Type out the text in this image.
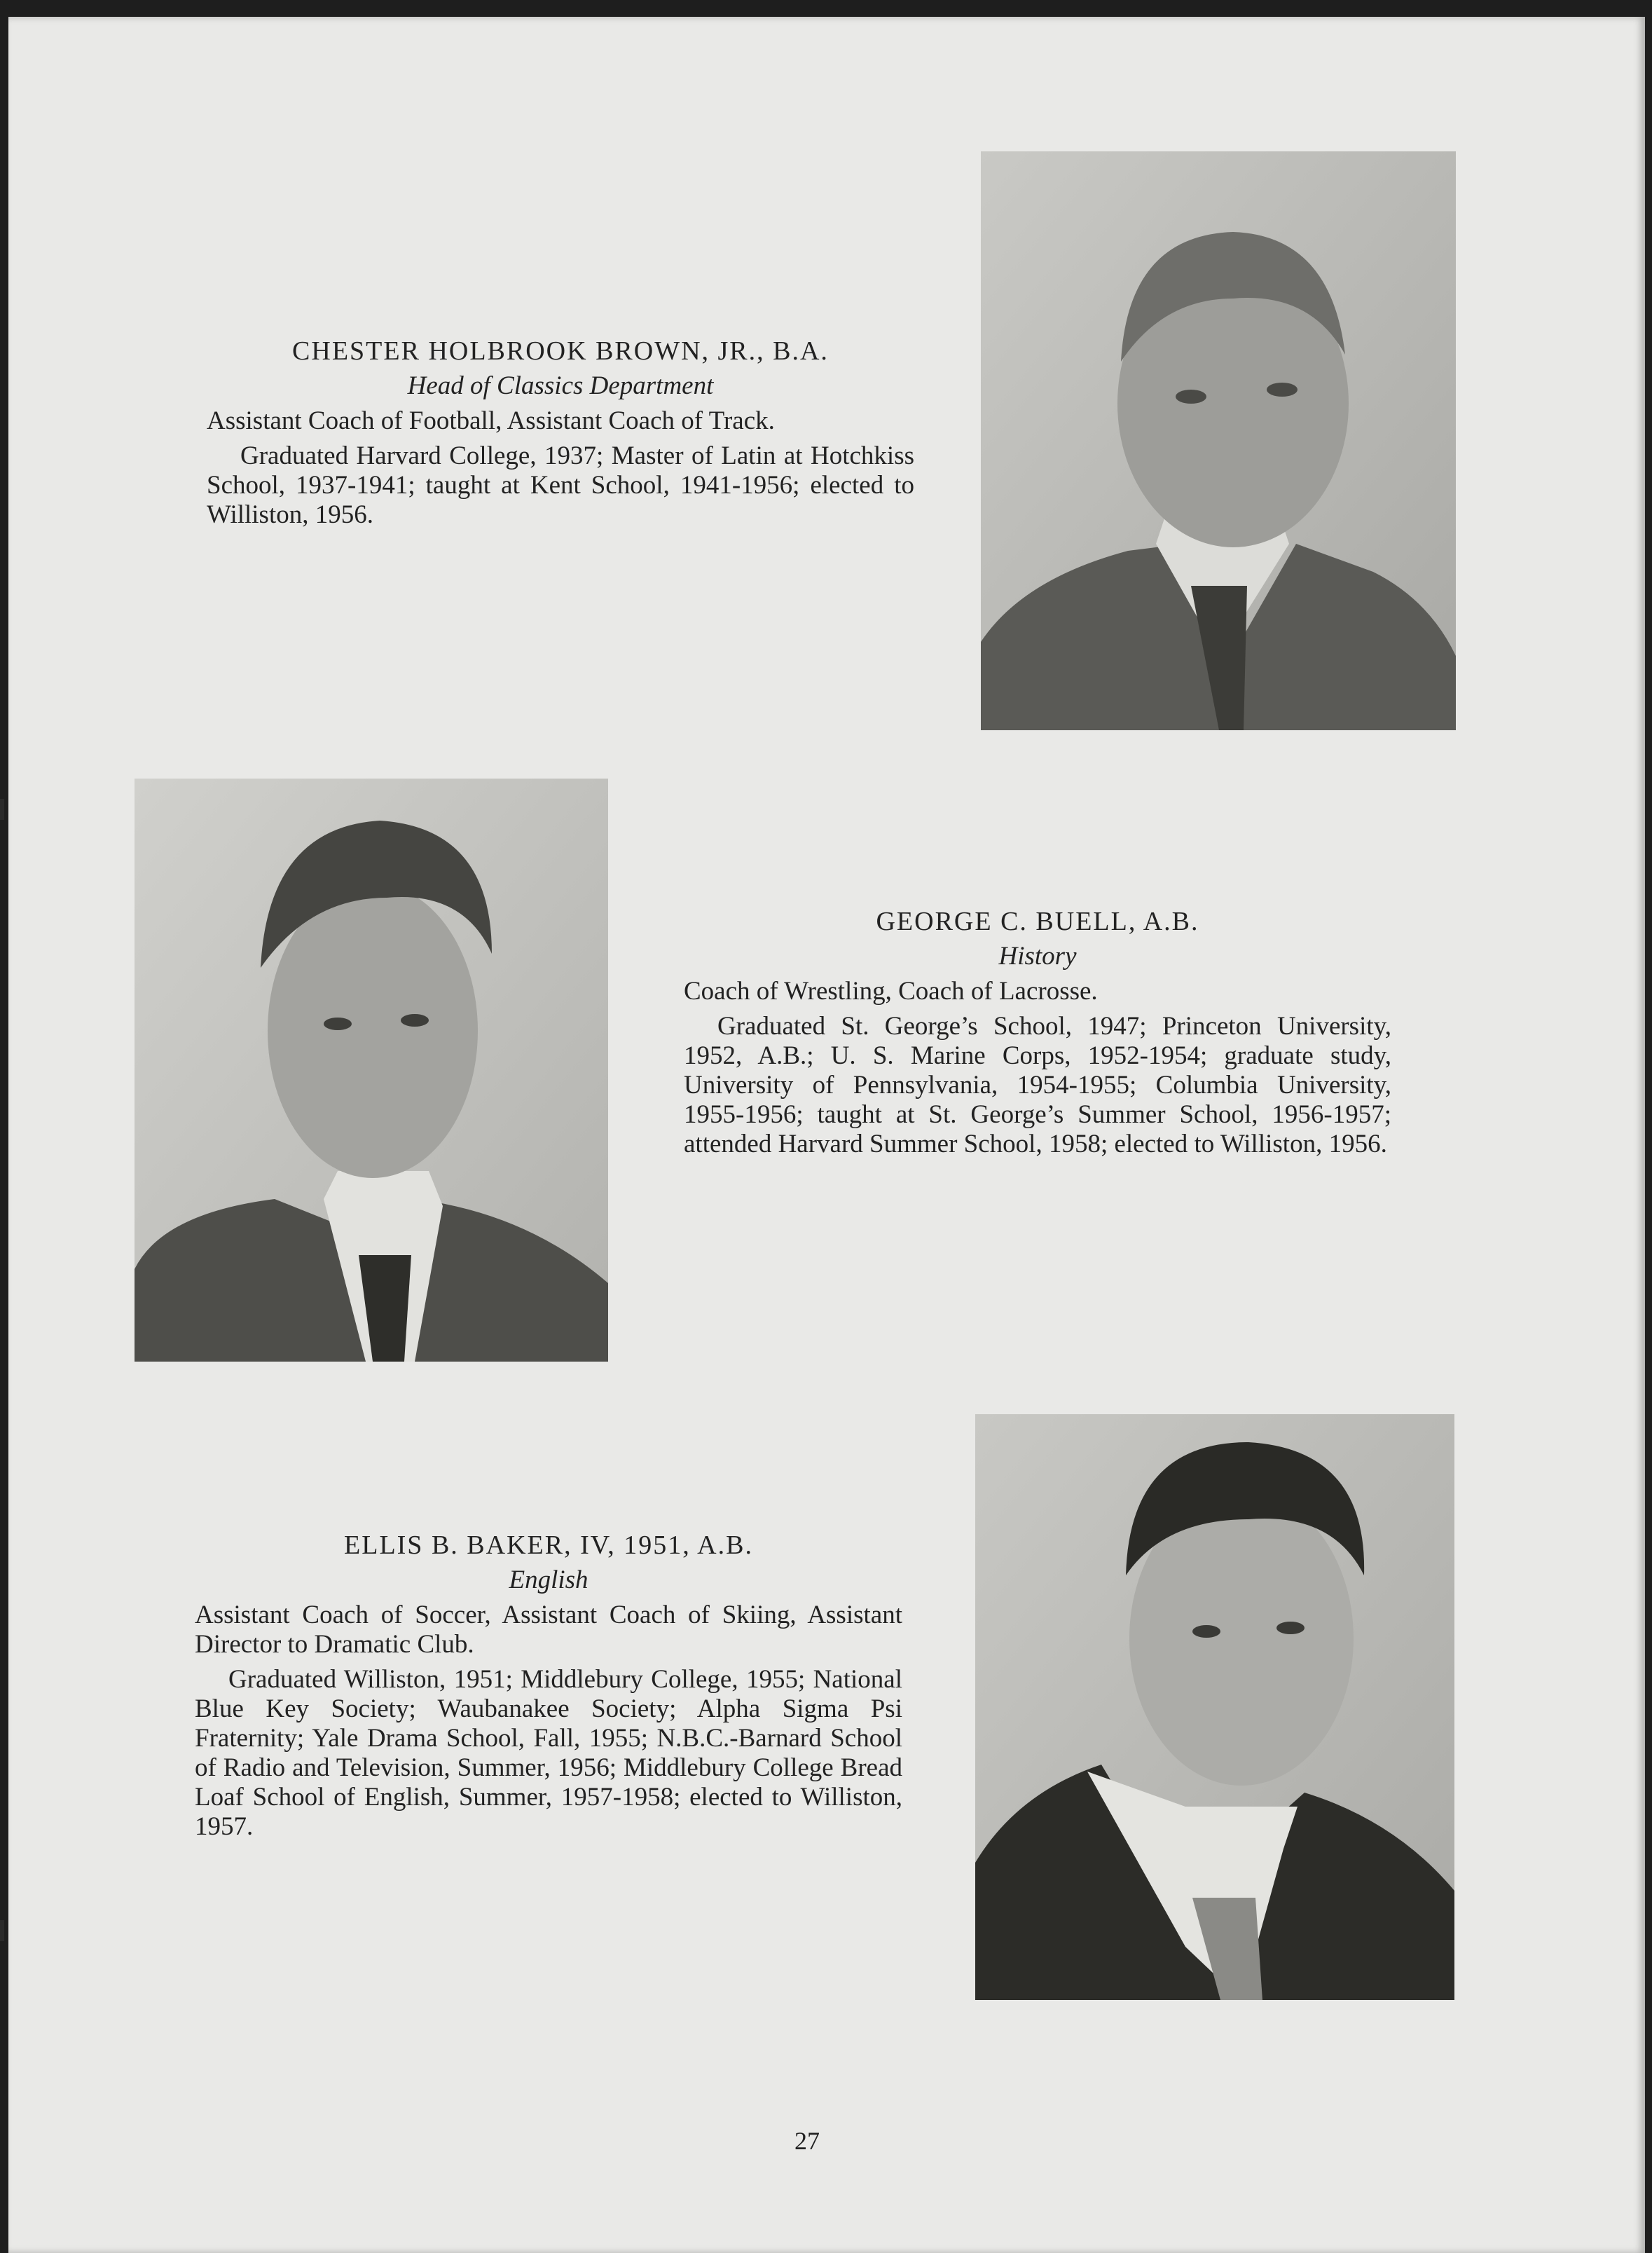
CHESTER HOLBROOK BROWN, JR., B.A.
Head of Classics Department
Assistant Coach of Football, Assistant Coach of Track.
Graduated Harvard College, 1937; Master of Latin at Hotchkiss School, 1937-1941; taught at Kent School, 1941-1956; elected to Williston, 1956.
GEORGE C. BUELL, A.B.
History
Coach of Wrestling, Coach of Lacrosse.
Graduated St. George’s School, 1947; Princeton University, 1952, A.B.; U. S. Marine Corps, 1952-1954; graduate study, University of Pennsylvania, 1954-1955; Columbia University, 1955-1956; taught at St. George’s Summer School, 1956-1957; attended Harvard Summer School, 1958; elected to Williston, 1956.
ELLIS B. BAKER, IV, 1951, A.B.
English
Assistant Coach of Soccer, Assistant Coach of Skiing, Assistant Director to Dramatic Club.
Graduated Williston, 1951; Middlebury College, 1955; National Blue Key Society; Waubanakee Society; Alpha Sigma Psi Fraternity; Yale Drama School, Fall, 1955; N.B.C.-Barnard School of Radio and Television, Summer, 1956; Middlebury College Bread Loaf School of English, Summer, 1957-1958; elected to Williston, 1957.
27
